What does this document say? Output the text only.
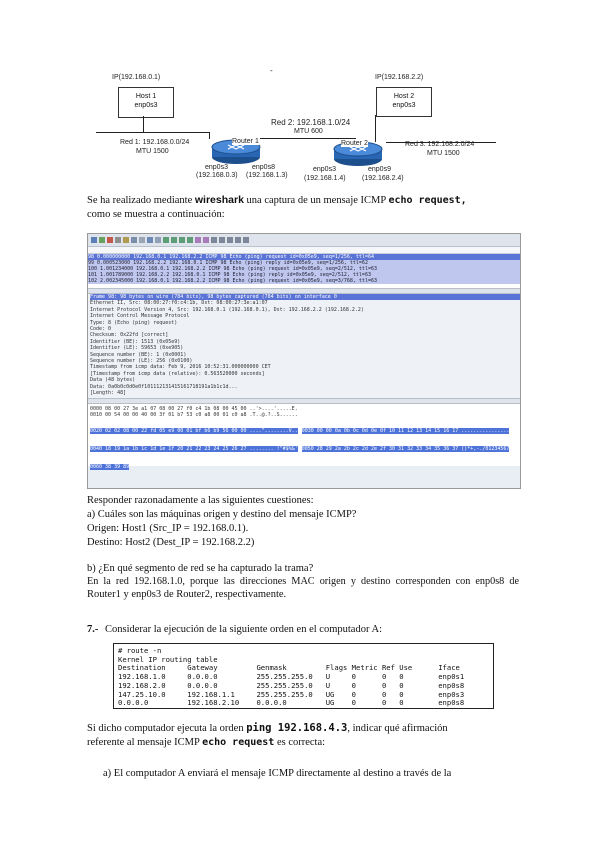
-
IP(192.168.0.1)
Host 1
enp0s3
IP(192.168.2.2)
Host 2
enp0s3
Red 1: 192.168.0.0/24
MTU 1500
Red 2: 192.168.1.0/24
MTU 600
Red 3: 192.168.2.0/24
MTU 1500
Router 1
enp0s3
(192.168.0.3)
enp0s8
(192.168.1.3)
Router 2
enp0s3
(192.168.1.4)
enp0s9
(192.168.2.4)
Se ha realizado mediante wireshark una captura de un mensaje ICMP echo request,
como se muestra a continuación:
98 0.000000000 192.168.0.1 192.168.2.2 ICMP 98 Echo (ping) request id=0x05e9, seq=1/256, ttl=64
99 0.000523000 192.168.2.2 192.168.0.1 ICMP 98 Echo (ping) reply id=0x05e9, seq=1/256, ttl=62
100 1.001234000 192.168.0.1 192.168.2.2 ICMP 98 Echo (ping) request id=0x05e9, seq=2/512, ttl=63
101 1.001789000 192.168.2.2 192.168.0.1 ICMP 98 Echo (ping) reply id=0x05e9, seq=2/512, ttl=63
102 2.002345000 192.168.0.1 192.168.2.2 ICMP 98 Echo (ping) request id=0x05e9, seq=3/768, ttl=63
Frame 98: 98 bytes on wire (784 bits), 98 bytes captured (784 bits) on interface 0
Ethernet II, Src: 08:00:27:f0:c4:1b, Dst: 08:00:27:3e:a1:07
Internet Protocol Version 4, Src: 192.168.0.1 (192.168.0.1), Dst: 192.168.2.2 (192.168.2.2)
Internet Control Message Protocol
Type: 8 (Echo (ping) request)
Code: 0
Checksum: 0x22fd [correct]
Identifier (BE): 1513 (0x05e9)
Identifier (LE): 59653 (0xe905)
Sequence number (BE): 1 (0x0001)
Sequence number (LE): 256 (0x0100)
Timestamp from icmp data: Feb 9, 2016 10:52:31.000000000 CET
[Timestamp from icmp data (relative): 0.563520000 seconds]
Data (48 bytes)
Data: 0a0b0c0d0e0f101112131415161718191a1b1c1d...
[Length: 48]
0000 08 00 27 3e a1 07 08 00 27 f0 c4 1b 08 00 45 00 ..'>....'.....E.
0010 00 54 00 00 40 00 3f 01 b7 53 c0 a8 00 01 c0 a8 .T..@.?..S......
0020 02 02 08 00 22 fd 05 e9 00 01 bf b6 b9 56 00 00 ...."........V.. 0030 00 00 0a 0b 0c 0d 0e 0f 10 11 12 13 14 15 16 17 ................ 0040 18 19 1a 1b 1c 1d 1e 1f 20 21 22 23 24 25 26 27 ........ !"#$%&' 0050 28 29 2a 2b 2c 2d 2e 2f 30 31 32 33 34 35 36 37 ()*+,-./01234567 0060 38 39 89
Responder razonadamente a las siguientes cuestiones:
a) Cuáles son las máquinas origen y destino del mensaje ICMP?
Origen: Host1 (Src_IP = 192.168.0.1).
Destino: Host2 (Dest_IP = 192.168.2.2)
b) ¿En qué segmento de red se ha capturado la trama?
En la red 192.168.1.0, porque las direcciones MAC origen y destino corresponden con enp0s8 de
Router1 y enp0s3 de Router2, respectivamente.
7.- Considerar la ejecución de la siguiente orden en el computador A:
# route -n
Kernel IP routing table
Destination     Gateway         Genmask         Flags Metric Ref Use      Iface
192.168.1.0     0.0.0.0         255.255.255.0   U     0      0   0        enp0s1
192.168.2.0     0.0.0.0         255.255.255.0   U     0      0   0        enp0s8
147.25.10.0     192.168.1.1     255.255.255.0   UG    0      0   0        enp0s3
0.0.0.0         192.168.2.10    0.0.0.0         UG    0      0   0        enp0s8
Si dicho computador ejecuta la orden ping 192.168.4.3, indicar qué afirmación
referente al mensaje ICMP echo request es correcta:
a) El computador A enviará el mensaje ICMP directamente al destino a través de la
